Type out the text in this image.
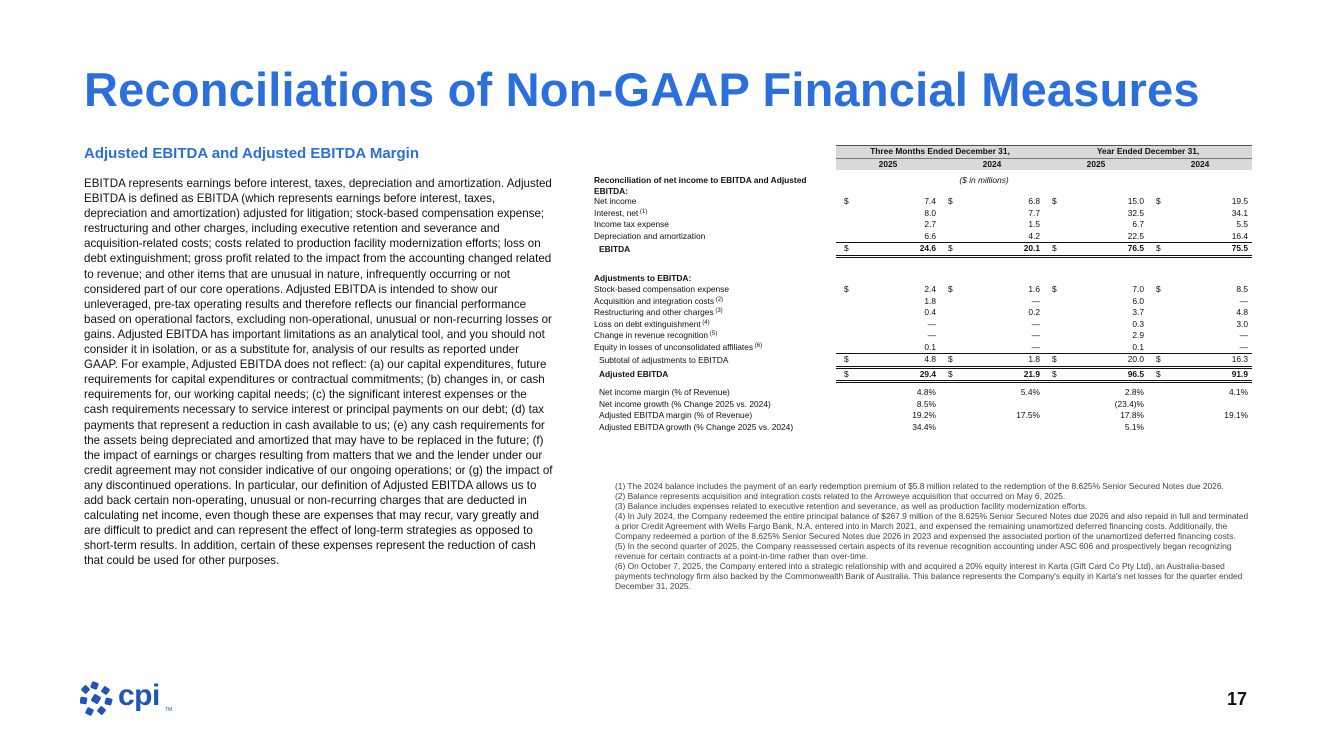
Reconciliations of Non-GAAP Financial Measures
Adjusted EBITDA and Adjusted EBITDA Margin

EBITDA represents earnings before interest, taxes, depreciation and amortization. Adjusted EBITDA is defined as EBITDA (which represents earnings before interest, taxes, depreciation and amortization) adjusted for litigation; stock-based compensation expense; restructuring and other charges, including executive retention and severance and acquisition-related costs; costs related to production facility modernization efforts; loss on debt extinguishment; gross profit related to the impact from the accounting changed related to revenue; and other items that are unusual in nature, infrequently occurring or not considered part of our core operations. Adjusted EBITDA is intended to show our unleveraged, pre-tax operating results and therefore reflects our financial performance based on operational factors, excluding non-operational, unusual or non-recurring losses or gains. Adjusted EBITDA has important limitations as an analytical tool, and you should not consider it in isolation, or as a substitute for, analysis of our results as reported under GAAP. For example, Adjusted EBITDA does not reflect: (a) our capital expenditures, future requirements for capital expenditures or contractual commitments; (b) changes in, or cash requirements for, our working capital needs; (c) the significant interest expenses or the cash requirements necessary to service interest or principal payments on our debt; (d) tax payments that represent a reduction in cash available to us; (e) any cash requirements for the assets being depreciated and amortized that may have to be replaced in the future; (f) the impact of earnings or charges resulting from matters that we and the lender under our credit agreement may not consider indicative of our ongoing operations; or (g) the impact of any discontinued operations. In particular, our definition of Adjusted EBITDA allows us to add back certain non-operating, unusual or non-recurring charges that are deducted in calculating net income, even though these are expenses that may recur, vary greatly and are difficult to predict and can represent the effect of long-term strategies as opposed to short-term results. In addition, certain of these expenses represent the reduction of cash that could be used for other purposes.

	Three Months Ended December 31,				Year Ended December 31,			
	2025		2024		2025		2024	

Reconciliation of net income to EBITDA and Adjusted EBITDA:	($ in millions)							
Net income	$	7.4	$	6.8	$	15.0	$	19.5
Interest, net $^{(1)}$		8.0		7.7		32.5		34.1
Income tax expense		2.7		1.5		6.7		5.5
Depreciation and amortization		6.6		4.2		22.5		16.4
EBITDA	$	24.6	$	20.1	$	76.5	$	75.5

Adjustments to EBITDA:								
Stock-based compensation expense	$	2.4	$	1.6	$	7.0	$	8.5
Acquisition and integration costs $^{(2)}$		1.8		—		6.0		—
Restructuring and other charges $^{(3)}$		0.4		0.2		3.7		4.8
Loss on debt extinguishment $^{(4)}$		—		—		0.3		3.0
Change in revenue recognition $^{(5)}$		—		—		2.9		—
Equity in losses of unconsolidated affiliates $^{(6)}$		0.1		—		0.1		—
Subtotal of adjustments to EBITDA	$	4.8	$	1.8	$	20.0	$	16.3
Adjusted EBITDA	$	29.4	$	21.9	$	96.5	$	91.9

Net income margin (% of Revenue)		4.8%		5.4%		2.8%		4.1%
Net income growth (% Change 2025 vs. 2024)		8.5%				(23.4)%		
Adjusted EBITDA margin (% of Revenue)		19.2%		17.5%		17.8%		19.1%
Adjusted EBITDA growth (% Change 2025 vs. 2024)		34.4%				5.1%		

(1) The 2024 balance includes the payment of an early redemption premium of $5.8 million related to the redemption of the 8.625% Senior Secured Notes due 2026.

(2) Balance represents acquisition and integration costs related to the Arroweye acquisition that occurred on May 6, 2025.

(3) Balance includes expenses related to executive retention and severance, as well as production facility modernization efforts.

(4) In July 2024, the Company redeemed the entire principal balance of $267.9 million of the 8.625% Senior Secured Notes due 2026 and also repaid in full and terminated a prior Credit Agreement with Wells Fargo Bank, N.A. entered into in March 2021, and expensed the remaining unamortized deferred financing costs. Additionally, the Company redeemed a portion of the 8.625% Senior Secured Notes due 2026 in 2023 and expensed the associated portion of the unamortized deferred financing costs.

(5) In the second quarter of 2025, the Company reassessed certain aspects of its revenue recognition accounting under ASC 606 and prospectively began recognizing revenue for certain contracts at a point-in-time rather than over-time.

(6) On October 7, 2025, the Company entered into a strategic relationship with and acquired a 20% equity interest in Karta (Gift Card Co Pty Ltd), an Australia-based payments technology firm also backed by the Commonwealth Bank of Australia. This balance represents the Company's equity in Karta's net losses for the quarter ended December 31, 2025.

cpi TM
17
